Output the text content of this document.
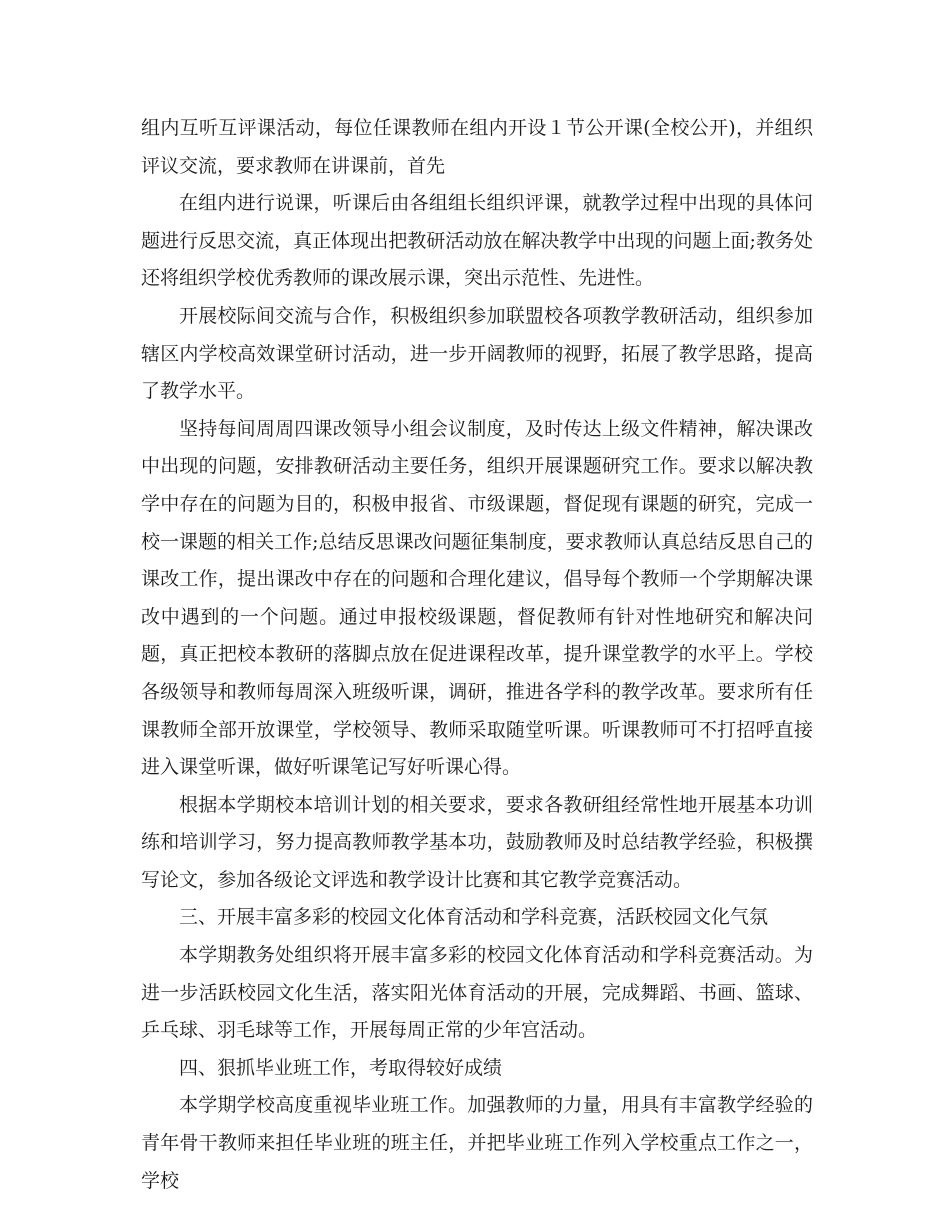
组内互听互评课活动，每位任课教师在组内开设１节公开课(全校公开)，并组织评议交流，要求教师在讲课前，首先

在组内进行说课，听课后由各组组长组织评课，就教学过程中出现的具体问题进行反思交流，真正体现出把教研活动放在解决教学中出现的问题上面;教务处还将组织学校优秀教师的课改展示课，突出示范性、先进性。

开展校际间交流与合作，积极组织参加联盟校各项教学教研活动，组织参加辖区内学校高效课堂研讨活动，进一步开阔教师的视野，拓展了教学思路，提高了教学水平。

坚持每间周周四课改领导小组会议制度，及时传达上级文件精神，解决课改中出现的问题，安排教研活动主要任务，组织开展课题研究工作。要求以解决教学中存在的问题为目的，积极申报省、市级课题，督促现有课题的研究，完成一校一课题的相关工作;总结反思课改问题征集制度，要求教师认真总结反思自己的课改工作，提出课改中存在的问题和合理化建议，倡导每个教师一个学期解决课改中遇到的一个问题。通过申报校级课题，督促教师有针对性地研究和解决问题，真正把校本教研的落脚点放在促进课程改革，提升课堂教学的水平上。学校各级领导和教师每周深入班级听课，调研，推进各学科的教学改革。要求所有任课教师全部开放课堂，学校领导、教师采取随堂听课。听课教师可不打招呼直接进入课堂听课，做好听课笔记写好听课心得。

根据本学期校本培训计划的相关要求，要求各教研组经常性地开展基本功训练和培训学习，努力提高教师教学基本功，鼓励教师及时总结教学经验，积极撰写论文，参加各级论文评选和教学设计比赛和其它教学竞赛活动。

三、开展丰富多彩的校园文化体育活动和学科竞赛，活跃校园文化气氛

本学期教务处组织将开展丰富多彩的校园文化体育活动和学科竞赛活动。为进一步活跃校园文化生活，落实阳光体育活动的开展，完成舞蹈、书画、篮球、乒乓球、羽毛球等工作，开展每周正常的少年宫活动。

四、狠抓毕业班工作，考取得较好成绩

本学期学校高度重视毕业班工作。加强教师的力量，用具有丰富教学经验的青年骨干教师来担任毕业班的班主任，并把毕业班工作列入学校重点工作之一，学校
